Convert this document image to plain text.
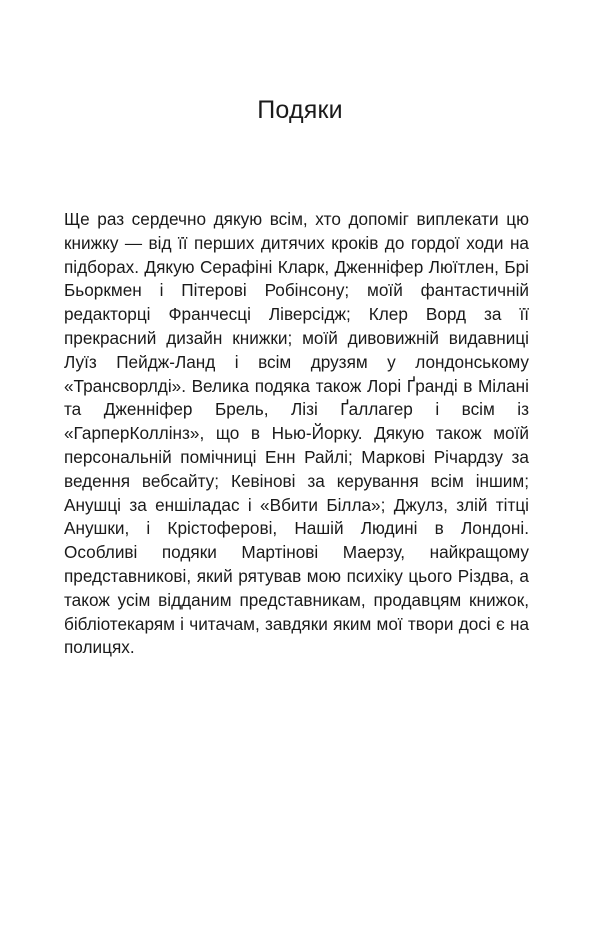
Подяки

Ще раз сердечно дякую всім, хто допоміг виплекати цю книжку — від її перших дитячих кроків до гордої ходи на підборах. Дякую Серафіні Кларк, Дженніфер Люїтлен, Брі Бьоркмен і Пітерові Робінсону; моїй фантастичній редакторці Франчесці Ліверсідж; Клер Ворд за її прекрасний дизайн книжки; моїй дивовижній видавниці Луїз Пейдж-Ланд і всім друзям у лондонському «Трансворлді». Велика подяка також Лорі Ґранді в Мілані та Дженніфер Брель, Лізі Ґаллагер і всім із «ГарперКоллінз», що в Нью-Йорку. Дякую також моїй персональній помічниці Енн Райлі; Маркові Річардзу за ведення вебсайту; Кевінові за керування всім іншим; Анушці за еншіладас і «Вбити Білла»; Джулз, злій тітці Анушки, і Крістоферові, Нашій Людині в Лондоні. Особливі подяки Мартінові Маерзу, найкращому представникові, який рятував мою психіку цього Різдва, а також усім відданим представникам, продавцям книжок, бібліотекарям і читачам, завдяки яким мої твори досі є на полицях.
